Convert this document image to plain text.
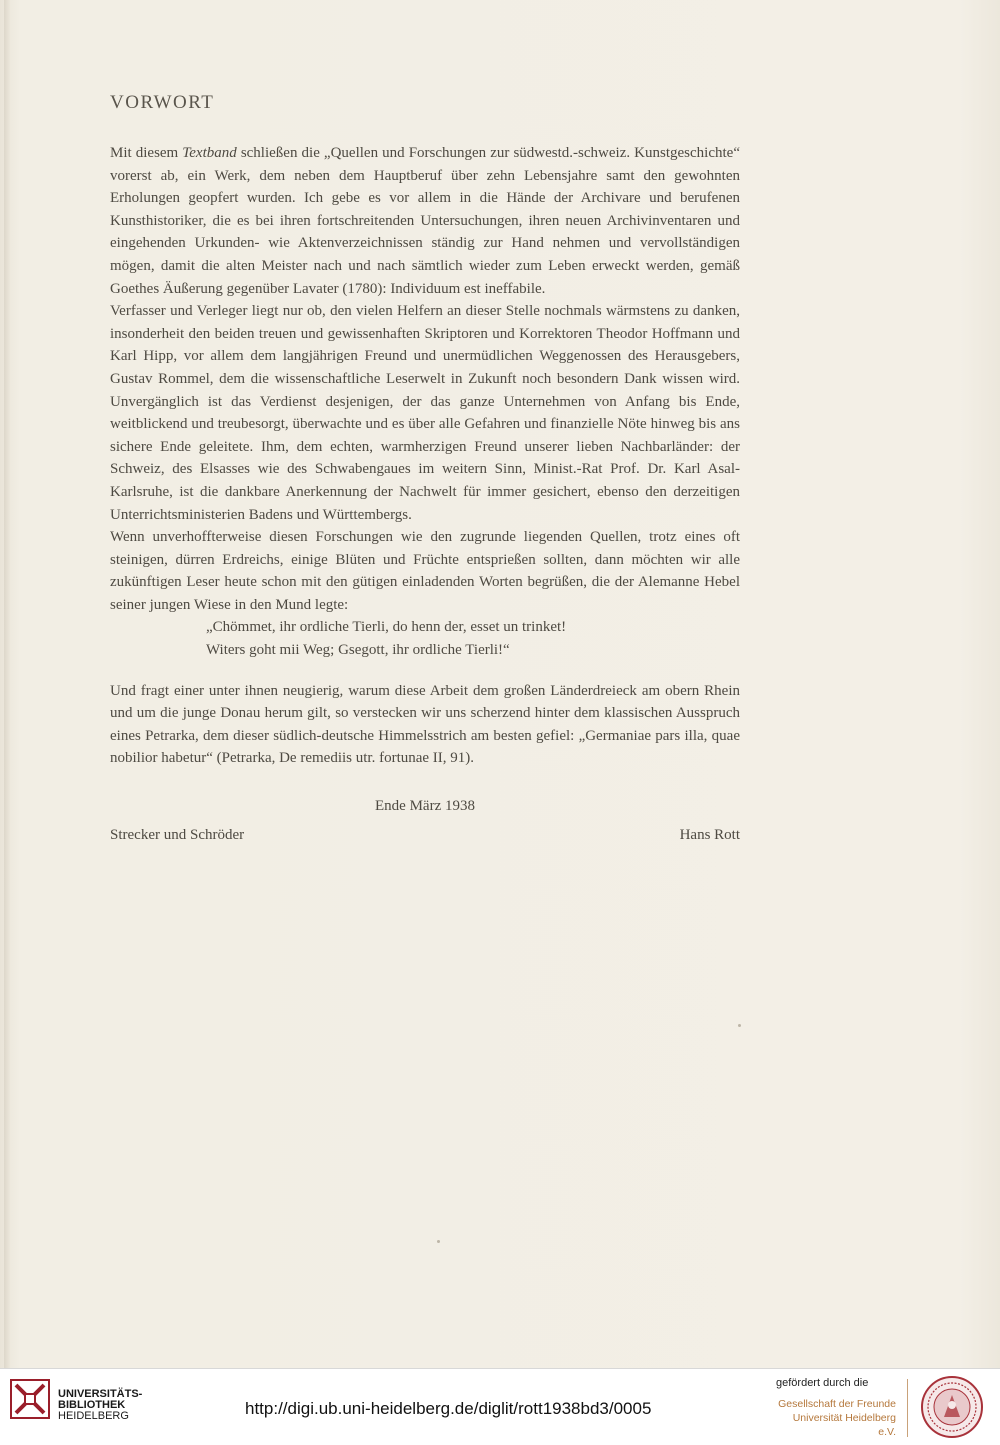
VORWORT

Mit diesem Textband schließen die „Quellen und Forschungen zur südwestd.-schweiz. Kunstgeschichte“ vorerst ab, ein Werk, dem neben dem Hauptberuf über zehn Lebensjahre samt den gewohnten Erholungen geopfert wurden. Ich gebe es vor allem in die Hände der Archivare und berufenen Kunsthistoriker, die es bei ihren fortschreitenden Untersuchungen, ihren neuen Archivinventaren und eingehenden Urkunden- wie Aktenverzeichnissen ständig zur Hand nehmen und vervollständigen mögen, damit die alten Meister nach und nach sämtlich wieder zum Leben erweckt werden, gemäß Goethes Äußerung gegenüber Lavater (1780): Individuum est ineffabile.

Verfasser und Verleger liegt nur ob, den vielen Helfern an dieser Stelle nochmals wärmstens zu danken, insonderheit den beiden treuen und gewissenhaften Skriptoren und Korrektoren Theodor Hoffmann und Karl Hipp, vor allem dem langjährigen Freund und unermüdlichen Weggenossen des Herausgebers, Gustav Rommel, dem die wissenschaftliche Leserwelt in Zukunft noch besondern Dank wissen wird. Unvergänglich ist das Verdienst desjenigen, der das ganze Unternehmen von Anfang bis Ende, weitblickend und treubesorgt, überwachte und es über alle Gefahren und finanzielle Nöte hinweg bis ans sichere Ende geleitete. Ihm, dem echten, warmherzigen Freund unserer lieben Nachbarländer: der Schweiz, des Elsasses wie des Schwabengaues im weitern Sinn, Minist.-Rat Prof. Dr. Karl Asal-Karlsruhe, ist die dankbare Anerkennung der Nachwelt für immer gesichert, ebenso den derzeitigen Unterrichtsministerien Badens und Württembergs.

Wenn unverhoffterweise diesen Forschungen wie den zugrunde liegenden Quellen, trotz eines oft steinigen, dürren Erdreichs, einige Blüten und Früchte entsprießen sollten, dann möchten wir alle zukünftigen Leser heute schon mit den gütigen einladenden Worten begrüßen, die der Alemanne Hebel seiner jungen Wiese in den Mund legte:

„Chömmet, ihr ordliche Tierli, do henn der, esset un trinket!

Witers goht mii Weg; Gsegott, ihr ordliche Tierli!“

Und fragt einer unter ihnen neugierig, warum diese Arbeit dem großen Länderdreieck am obern Rhein und um die junge Donau herum gilt, so verstecken wir uns scherzend hinter dem klassischen Ausspruch eines Petrarka, dem dieser südlich-deutsche Himmelsstrich am besten gefiel: „Germaniae pars illa, quae nobilior habetur“ (Petrarka, De remediis utr. fortunae II, 91).

Ende März 1938
Strecker und Schröder	Hans Rott
UNIVERSITÄTS-
BIBLIOTHEK
HEIDELBERG	http://digi.ub.uni-heidelberg.de/diglit/rott1938bd3/0005
gefördert durch die
Gesellschaft der Freunde
Universität Heidelberg e.V.
